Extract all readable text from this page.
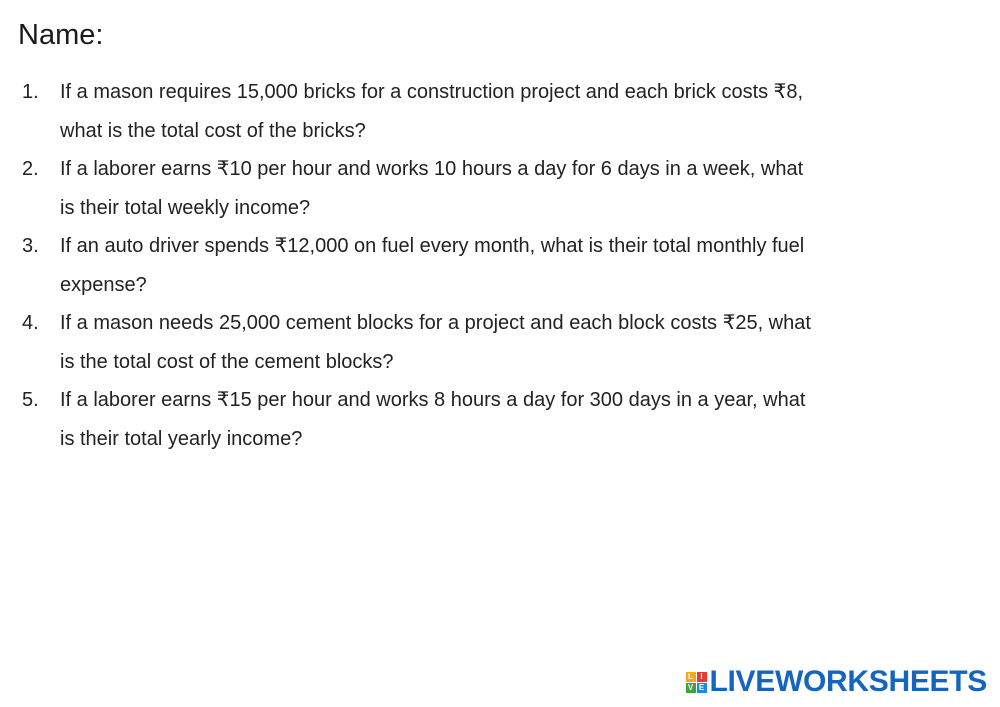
Name:
1.	If a mason requires 15,000 bricks for a construction project and each brick costs ₹8, what is the total cost of the bricks?
2.	If a laborer earns ₹10 per hour and works 10 hours a day for 6 days in a week, what is their total weekly income?
3.	If an auto driver spends ₹12,000 on fuel every month, what is their total monthly fuel expense?
4.	If a mason needs 25,000 cement blocks for a project and each block costs ₹25, what is the total cost of the cement blocks?
5.	If a laborer earns ₹15 per hour and works 8 hours a day for 300 days in a year, what is their total yearly income?
L I
V E LIVEWORKSHEETS
